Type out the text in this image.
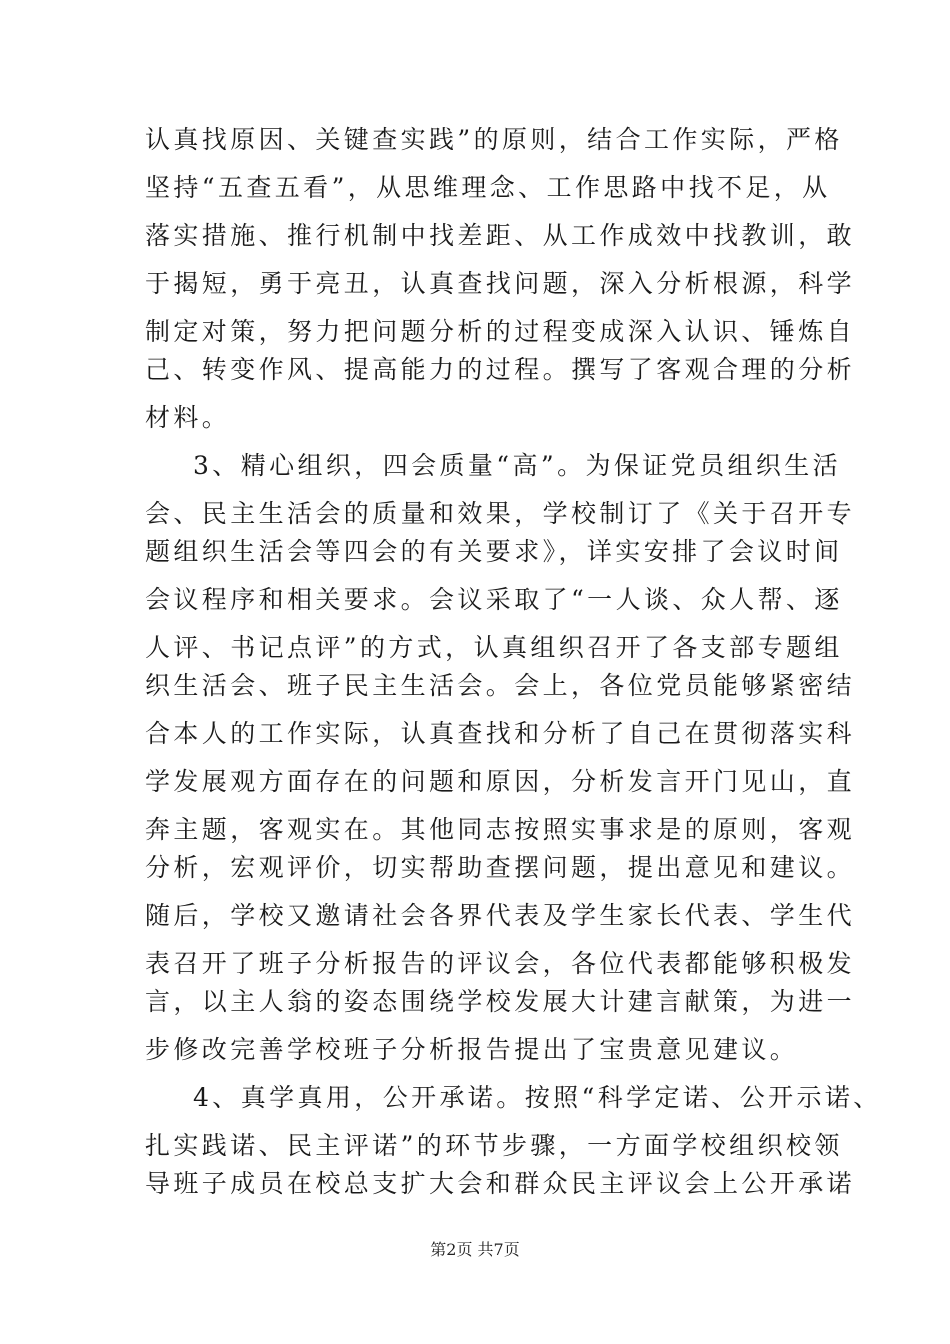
认真找原因、关键查实践”的原则，结合工作实际，严格
坚持“五查五看”，从思维理念、工作思路中找不足，从
落实措施、推行机制中找差距、从工作成效中找教训，敢
于揭短，勇于亮丑，认真查找问题，深入分析根源，科学
制定对策，努力把问题分析的过程变成深入认识、锤炼自
己、转变作风、提高能力的过程。撰写了客观合理的分析
材料。
3、精心组织，四会质量“高”。为保证党员组织生活
会、民主生活会的质量和效果，学校制订了《关于召开专
题组织生活会等四会的有关要求》，详实安排了会议时间
会议程序和相关要求。会议采取了“一人谈、众人帮、逐
人评、书记点评”的方式，认真组织召开了各支部专题组
织生活会、班子民主生活会。会上，各位党员能够紧密结
合本人的工作实际，认真查找和分析了自己在贯彻落实科
学发展观方面存在的问题和原因，分析发言开门见山，直
奔主题，客观实在。其他同志按照实事求是的原则，客观
分析，宏观评价，切实帮助查摆问题，提出意见和建议。
随后，学校又邀请社会各界代表及学生家长代表、学生代
表召开了班子分析报告的评议会，各位代表都能够积极发
言，以主人翁的姿态围绕学校发展大计建言献策，为进一
步修改完善学校班子分析报告提出了宝贵意见建议。
4、真学真用，公开承诺。按照“科学定诺、公开示诺、
扎实践诺、民主评诺”的环节步骤，一方面学校组织校领
导班子成员在校总支扩大会和群众民主评议会上公开承诺
第2页 共7页
